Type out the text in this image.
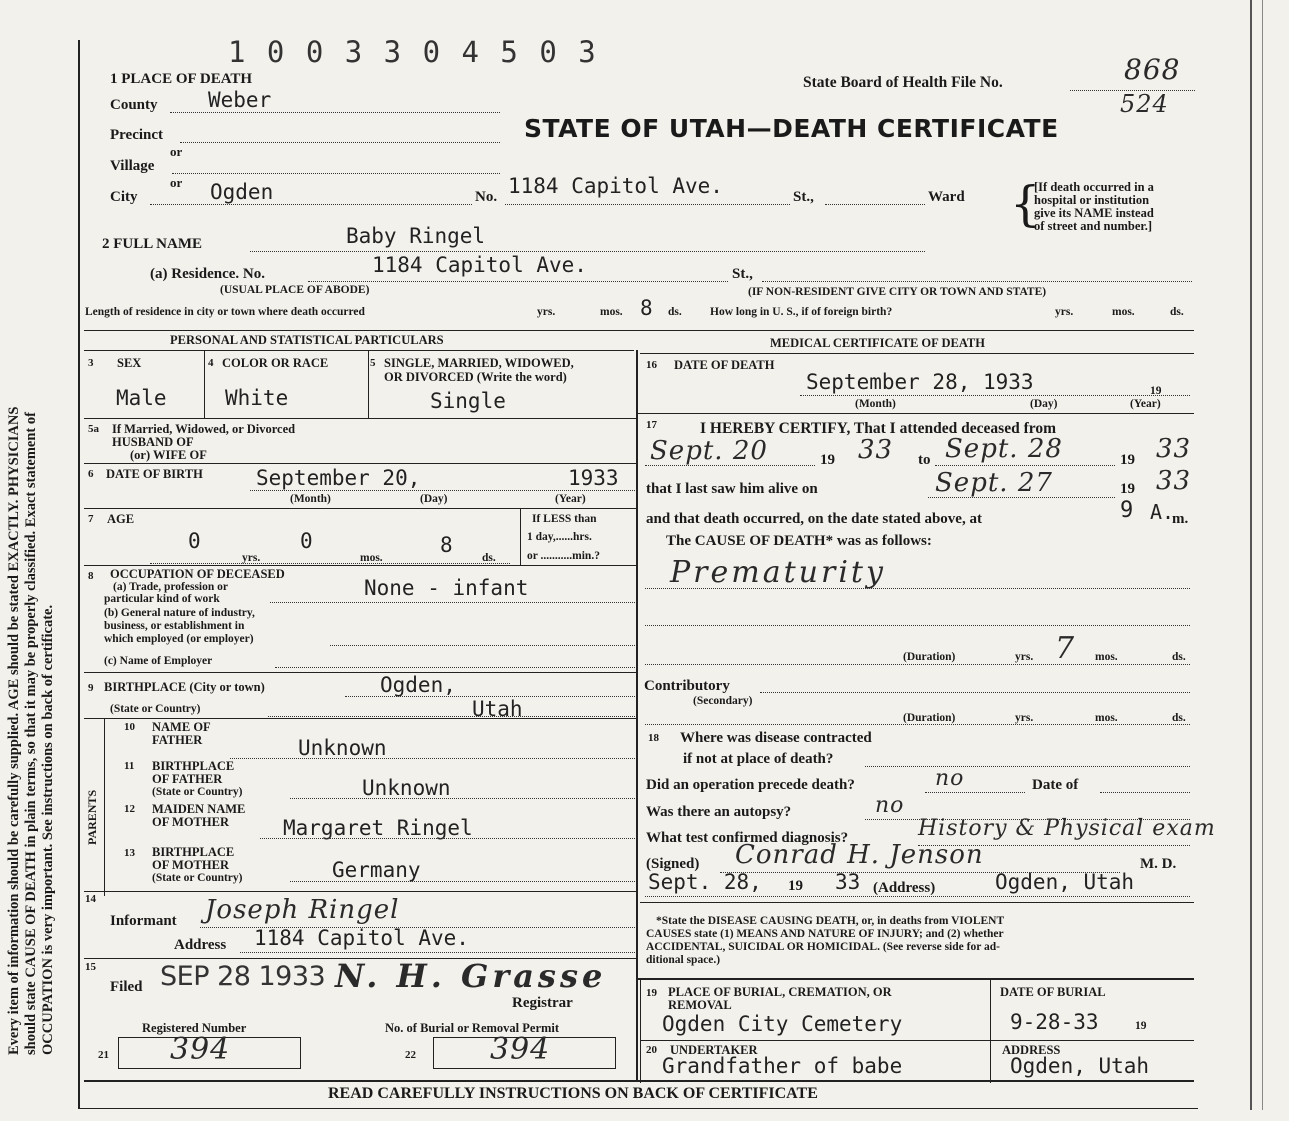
Every item of information should be carefully supplied. AGE should be stated EXACTLY. PHYSICIANS should state CAUSE OF DEATH in plain terms, so that it may be properly classified. Exact statement of OCCUPATION is very important. See instructions on back of certificate.
1 0 0 3 3 0 4 5 0 3
State Board of Health File No.	868
524
STATE OF UTAH—DEATH CERTIFICATE
1 PLACE OF DEATH
County Weber
Precinct
or
Village
or
City	Ogden	No. 1184 Capitol Ave.	St.,	Ward {
[If death occurred in a
hospital or institution
give its NAME instead
of street and number.]
2 FULL NAME	Baby Ringel
(a) Residence. No.	1184 Capitol Ave.	St.,
(USUAL PLACE OF ABODE)	(IF NON-RESIDENT GIVE CITY OR TOWN AND STATE)
Length of residence in city or town where death occurred	yrs.	mos. 8 ds. How long in U. S., if of foreign birth?	yrs.	mos.	ds.
PERSONAL AND STATISTICAL PARTICULARS	MEDICAL CERTIFICATE OF DEATH
3 SEX
Male
4 COLOR OR RACE
White
5 SINGLE, MARRIED, WIDOWED,
OR DIVORCED (Write the word)
Single
5a If Married, Widowed, or Divorced
HUSBAND OF
(or) WIFE OF
6 DATE OF BIRTH	September 20,	1933
(Month)	(Day)	(Year)
7 AGE
0
yrs.
0
mos.
8
ds.
If LESS than
1 day,......hrs.
or ...........min.?
8 OCCUPATION OF DECEASED
(a) Trade, profession or
particular kind of work	None - infant
(b) General nature of industry,
business, or establishment in
which employed (or employer)
(c) Name of Employer
9 BIRTHPLACE (City or town)	Ogden,
(State or Country)	Utah
PARENTS
10 NAME OF
FATHER	Unknown
11 BIRTHPLACE
OF FATHER
(State or Country)	Unknown
12 MAIDEN NAME
OF MOTHER	Margaret Ringel
13 BIRTHPLACE
OF MOTHER
(State or Country)	Germany
14
Informant Joseph Ringel
Address 1184 Capitol Ave.
15
Filed SEP 28 1933 N. H. Grasse
Registrar
Registered Number	No. of Burial or Removal Permit
21 394	22 394
16 DATE OF DEATH
September 28, 1933	19
(Month)	(Day)	(Year)
17	I HEREBY CERTIFY, That I attended deceased from
Sept. 20	19 33 to Sept. 28	19 33
that I last saw him alive on	Sept. 27	19 33
and that death occurred, on the date stated above, at	9 A.
m.
The CAUSE OF DEATH* was as follows:
Prematurity
(Duration)	yrs. 7 mos.	ds.
Contributory
(Secondary)
(Duration)	yrs.	mos.	ds.
18 Where was disease contracted
if not at place of death?
Did an operation precede death?	no	Date of
Was there an autopsy?	no
What test confirmed diagnosis?	History & Physical exam
(Signed) Conrad H. Jenson	M. D.
Sept. 28, 19 33 (Address)	Ogden, Utah
*State the DISEASE CAUSING DEATH, or, in deaths from VIOLENT
CAUSES state (1) MEANS AND NATURE OF INJURY; and (2) whether
ACCIDENTAL, SUICIDAL OR HOMICIDAL. (See reverse side for ad-
ditional space.)
19 PLACE OF BURIAL, CREMATION, OR
REMOVAL
Ogden City Cemetery
DATE OF BURIAL
9-28-33	19
20 UNDERTAKER
Grandfather of babe
ADDRESS
Ogden, Utah
READ CAREFULLY INSTRUCTIONS ON BACK OF CERTIFICATE
